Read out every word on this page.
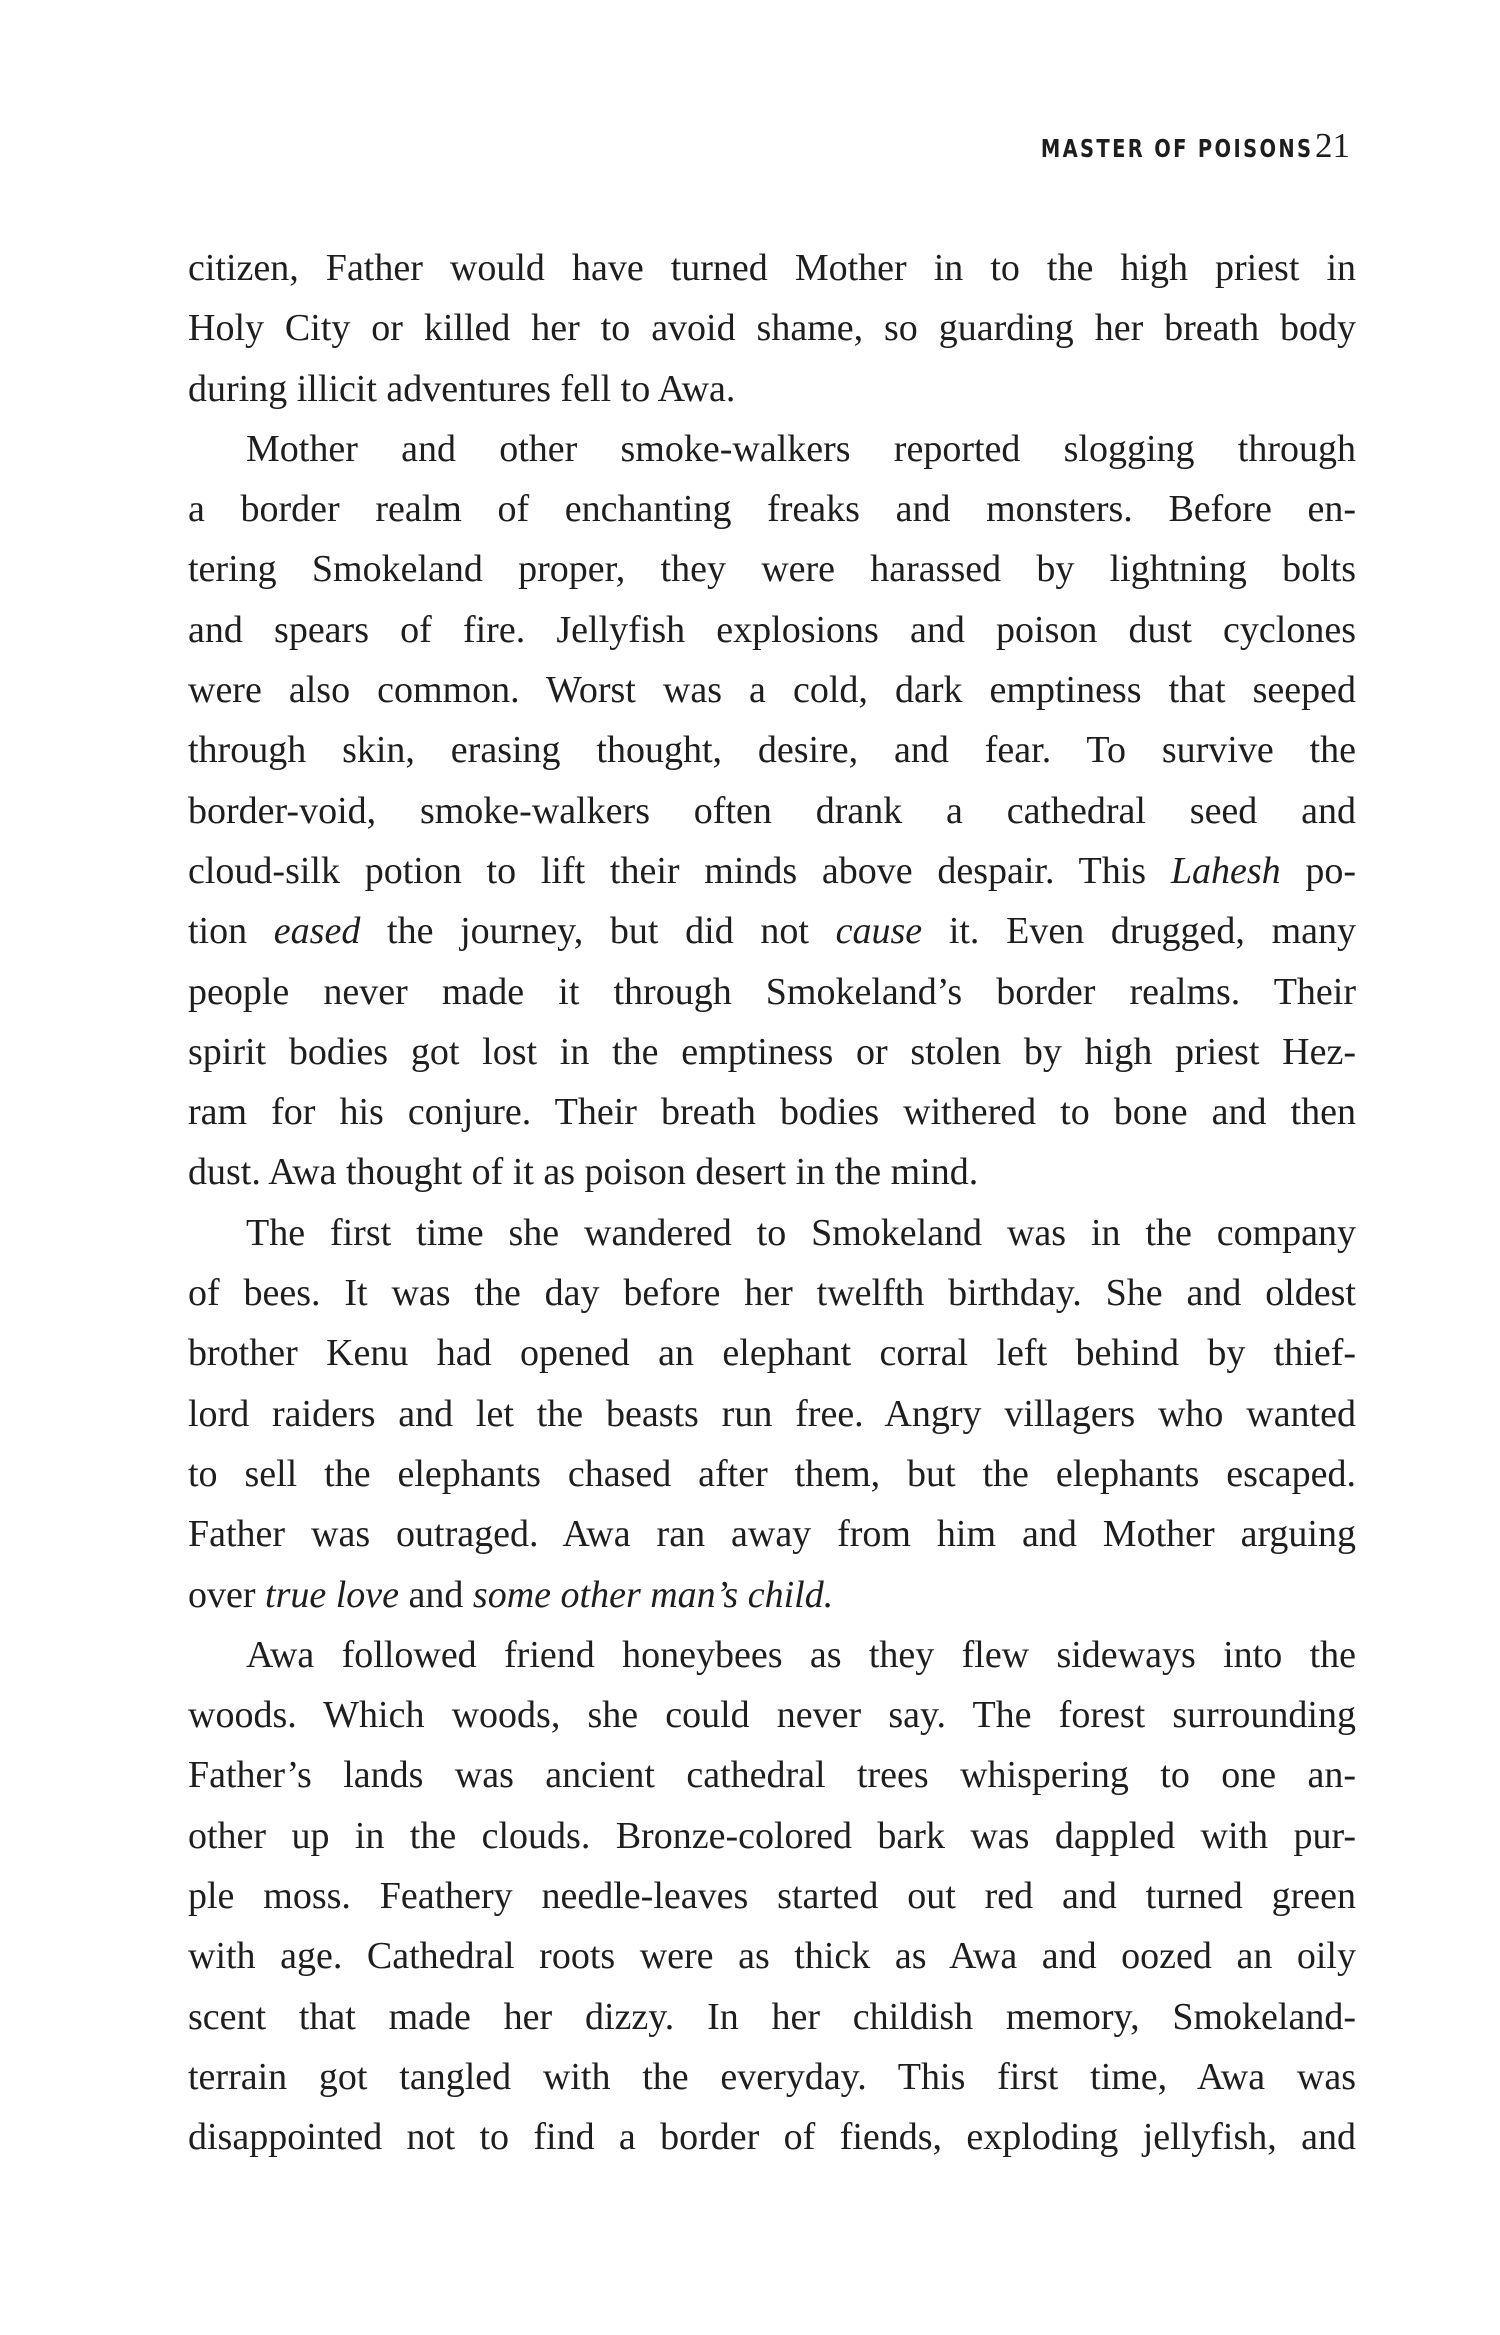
MASTER OF POISONS 21
citizen, Father would have turned Mother in to the high priest in
Holy City or killed her to avoid shame, so guarding her breath body
during illicit adventures fell to Awa.
Mother and other smoke-walkers reported slogging through
a border realm of enchanting freaks and monsters. Before en-
tering Smokeland proper, they were harassed by lightning bolts
and spears of fire. Jellyfish explosions and poison dust cyclones
were also common. Worst was a cold, dark emptiness that seeped
through skin, erasing thought, desire, and fear. To survive the
border-void, smoke-walkers often drank a cathedral seed and
cloud-silk potion to lift their minds above despair. This Lahesh po-
tion eased the journey, but did not cause it. Even drugged, many
people never made it through Smokeland’s border realms. Their
spirit bodies got lost in the emptiness or stolen by high priest Hez-
ram for his conjure. Their breath bodies withered to bone and then
dust. Awa thought of it as poison desert in the mind.
The first time she wandered to Smokeland was in the company
of bees. It was the day before her twelfth birthday. She and oldest
brother Kenu had opened an elephant corral left behind by thief-
lord raiders and let the beasts run free. Angry villagers who wanted
to sell the elephants chased after them, but the elephants escaped.
Father was outraged. Awa ran away from him and Mother arguing
over true love and some other man’s child.
Awa followed friend honeybees as they flew sideways into the
woods. Which woods, she could never say. The forest surrounding
Father’s lands was ancient cathedral trees whispering to one an-
other up in the clouds. Bronze-colored bark was dappled with pur-
ple moss. Feathery needle-leaves started out red and turned green
with age. Cathedral roots were as thick as Awa and oozed an oily
scent that made her dizzy. In her childish memory, Smokeland-
terrain got tangled with the everyday. This first time, Awa was
disappointed not to find a border of fiends, exploding jellyfish, and
